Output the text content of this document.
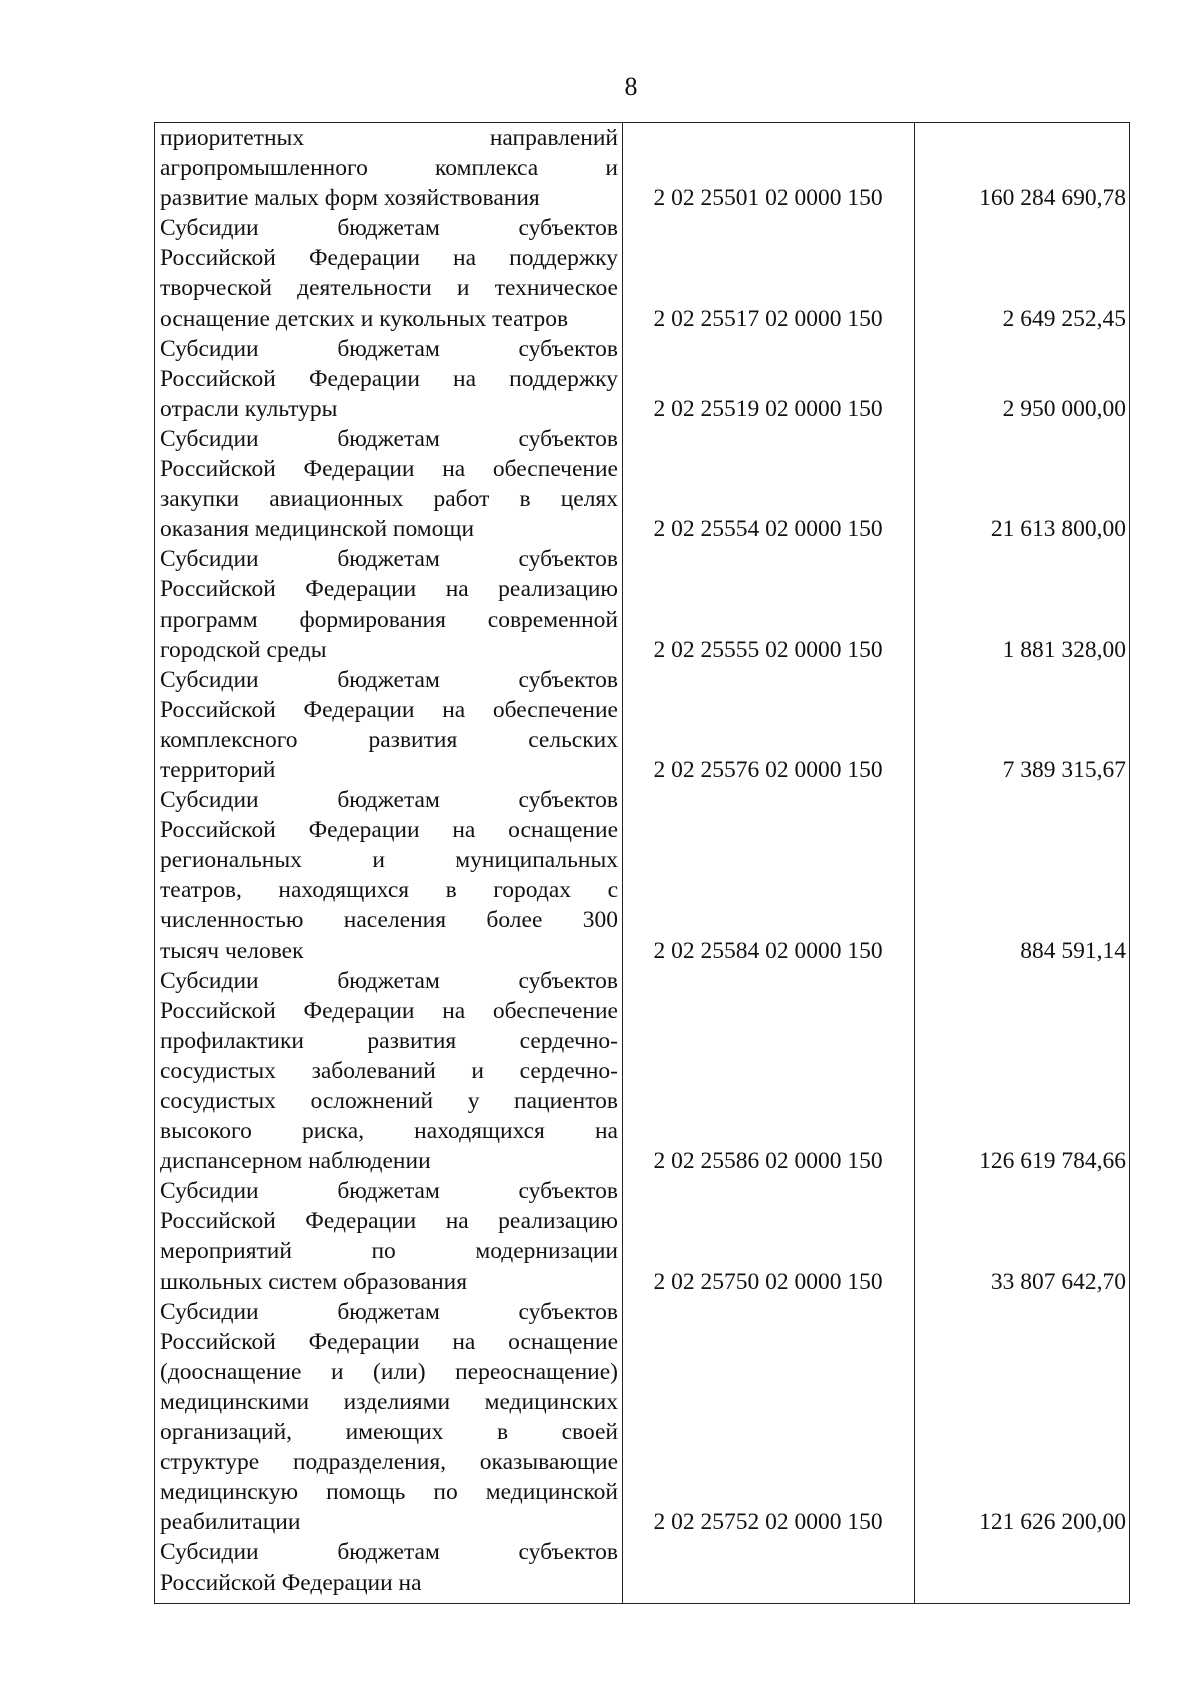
8
приоритетных направлений
агропромышленного комплекса и
развитие малых форм хозяйствования	2 02 25501 02 0000 150	160 284 690,78
Субсидии бюджетам субъектов
Российской Федерации на поддержку
творческой деятельности и техническое
оснащение детских и кукольных театров	2 02 25517 02 0000 150	2 649 252,45
Субсидии бюджетам субъектов
Российской Федерации на поддержку
отрасли культуры	2 02 25519 02 0000 150	2 950 000,00
Субсидии бюджетам субъектов
Российской Федерации на обеспечение
закупки авиационных работ в целях
оказания медицинской помощи	2 02 25554 02 0000 150	21 613 800,00
Субсидии бюджетам субъектов
Российской Федерации на реализацию
программ формирования современной
городской среды	2 02 25555 02 0000 150	1 881 328,00
Субсидии бюджетам субъектов
Российской Федерации на обеспечение
комплексного развития сельских
территорий	2 02 25576 02 0000 150	7 389 315,67
Субсидии бюджетам субъектов
Российской Федерации на оснащение
региональных и муниципальных
театров, находящихся в городах с
численностью населения более 300
тысяч человек	2 02 25584 02 0000 150	884 591,14
Субсидии бюджетам субъектов
Российской Федерации на обеспечение
профилактики развития сердечно-
сосудистых заболеваний и сердечно-
сосудистых осложнений у пациентов
высокого риска, находящихся на
диспансерном наблюдении	2 02 25586 02 0000 150	126 619 784,66
Субсидии бюджетам субъектов
Российской Федерации на реализацию
мероприятий по модернизации
школьных систем образования	2 02 25750 02 0000 150	33 807 642,70
Субсидии бюджетам субъектов
Российской Федерации на оснащение
(дооснащение и (или) переоснащение)
медицинскими изделиями медицинских
организаций, имеющих в своей
структуре подразделения, оказывающие
медицинскую помощь по медицинской
реабилитации	2 02 25752 02 0000 150	121 626 200,00
Субсидии бюджетам субъектов
Российской Федерации на
